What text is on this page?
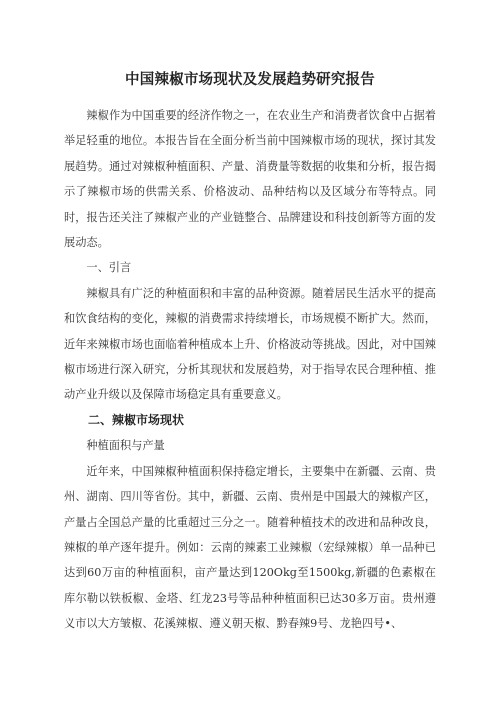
中国辣椒市场现状及发展趋势研究报告

辣椒作为中国重要的经济作物之一，在农业生产和消费者饮食中占据着举足轻重的地位。本报告旨在全面分析当前中国辣椒市场的现状，探讨其发展趋势。通过对辣椒种植面积、产量、消费量等数据的收集和分析，报告揭示了辣椒市场的供需关系、价格波动、品种结构以及区域分布等特点。同时，报告还关注了辣椒产业的产业链整合、品牌建设和科技创新等方面的发展动态。

一、引言

辣椒具有广泛的种植面积和丰富的品种资源。随着居民生活水平的提高和饮食结构的变化，辣椒的消费需求持续增长，市场规模不断扩大。然而，近年来辣椒市场也面临着种植成本上升、价格波动等挑战。因此，对中国辣椒市场进行深入研究，分析其现状和发展趋势，对于指导农民合理种植、推动产业升级以及保障市场稳定具有重要意义。

二、辣椒市场现状

种植面积与产量

近年来，中国辣椒种植面积保持稳定增长，主要集中在新疆、云南、贵州、湖南、四川等省份。其中，新疆、云南、贵州是中国最大的辣椒产区，产量占全国总产量的比重超过三分之一。随着种植技术的改进和品种改良，辣椒的单产逐年提升。例如：云南的辣素工业辣椒（宏绿辣椒）单一品种已达到60万亩的种植面积，亩产量达到120Okg至1500kg,新疆的色素椒在库尔勒以铁板椒、金塔、红龙23号等品种种植面积已达30多万亩。贵州遵义市以大方皱椒、花溪辣椒、遵义朝天椒、黔春辣9号、龙艳四号•、
